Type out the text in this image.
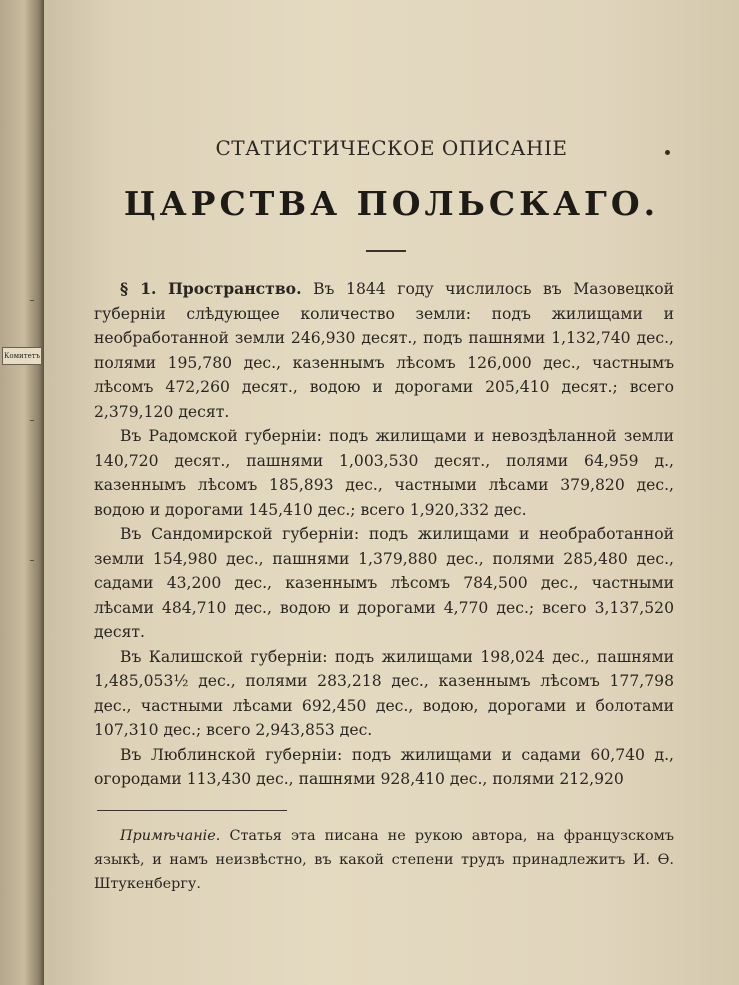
Комитетъ
СТАТИСТИЧЕСКОЕ ОПИСАНІЕ
ЦАРСТВА ПОЛЬСКАГО.

§ 1. Пространство. Въ 1844 году числилось въ Мазовецкой губерніи слѣдующее количество земли: подъ жилищами и необработанной земли 246,930 десят., подъ пашнями 1,132,740 дес., полями 195,780 дес., казеннымъ лѣсомъ 126,000 дес., частнымъ лѣсомъ 472,260 десят., водою и дорогами 205,410 десят.; всего 2,379,120 десят.

Въ Радомской губерніи: подъ жилищами и невоздѣланной земли 140,720 десят., пашнями 1,003,530 десят., полями 64,959 д., казеннымъ лѣсомъ 185,893 дес., частными лѣсами 379,820 дес., водою и дорогами 145,410 дес.; всего 1,920,332 дес.

Въ Сандомирской губерніи: подъ жилищами и необработанной земли 154,980 дес., пашнями 1,379,880 дес., полями 285,480 дес., садами 43,200 дес., казеннымъ лѣсомъ 784,500 дес., частными лѣсами 484,710 дес., водою и дорогами 4,770 дес.; всего 3,137,520 десят.

Въ Калишской губерніи: подъ жилищами 198,024 дес., пашнями 1,485,053½ дес., полями 283,218 дес., казеннымъ лѣсомъ 177,798 дес., частными лѣсами 692,450 дес., водою, дорогами и болотами 107,310 дес.; всего 2,943,853 дес.

Въ Люблинской губерніи: подъ жилищами и садами 60,740 д., огородами 113,430 дес., пашнями 928,410 дес., полями 212,920

Примѣчаніе. Статья эта писана не рукою автора, на французскомъ языкѣ, и намъ неизвѣстно, въ какой степени трудъ принадлежитъ И. Ө. Штукенбергу.
